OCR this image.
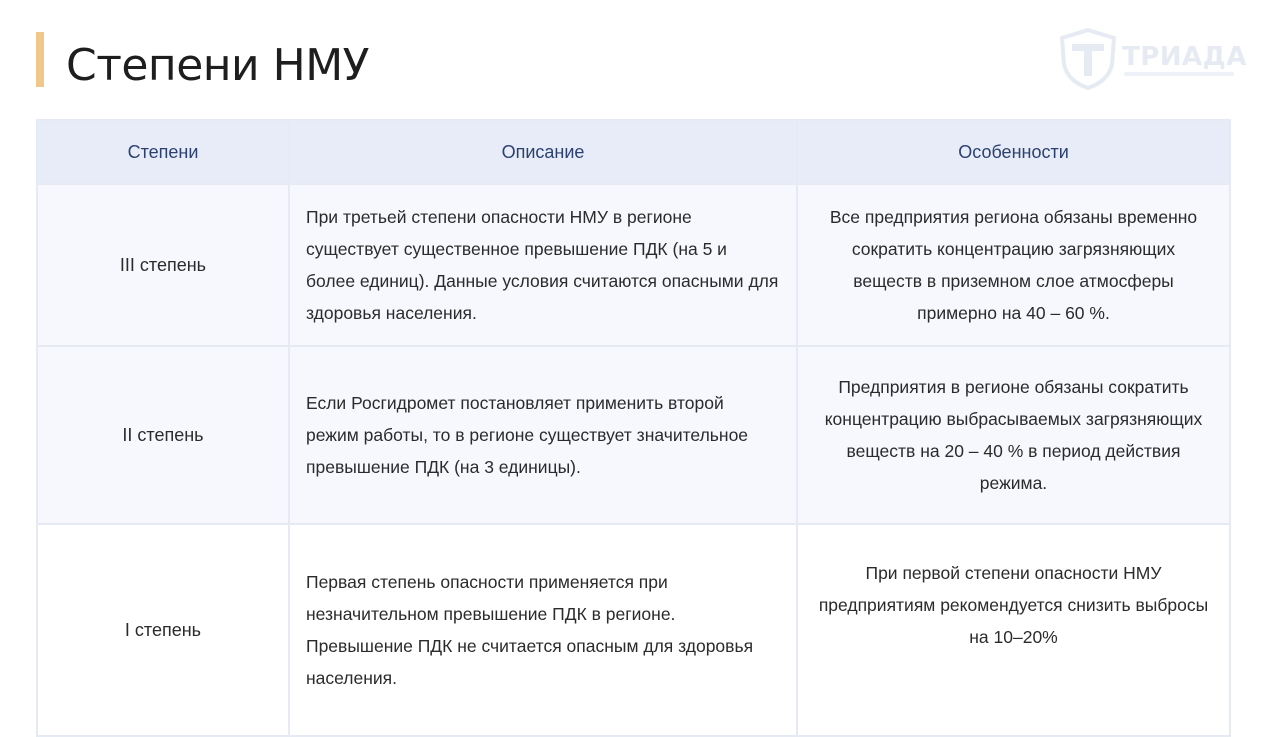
Степени НМУ	ТРИАДА
Степени	Описание	Особенности
III степень	При третьей степени опасности НМУ в регионе существует существенное превышение ПДК (на 5 и более единиц). Данные условия считаются опасными для здоровья населения.	Все предприятия региона обязаны временно сократить концентрацию загрязняющих веществ в приземном слое атмосферы примерно на 40 – 60 %.
II степень	Если Росгидромет постановляет применить второй режим работы, то в регионе существует значительное превышение ПДК (на 3 единицы).	Предприятия в регионе обязаны сократить концентрацию выбрасываемых загрязняющих веществ на 20 – 40 % в период действия режима.
I степень	Первая степень опасности применяется при незначительном превышение ПДК в регионе. Превышение ПДК не считается опасным для здоровья населения.	При первой степени опасности НМУ предприятиям рекомендуется снизить выбросы на 10–20%
